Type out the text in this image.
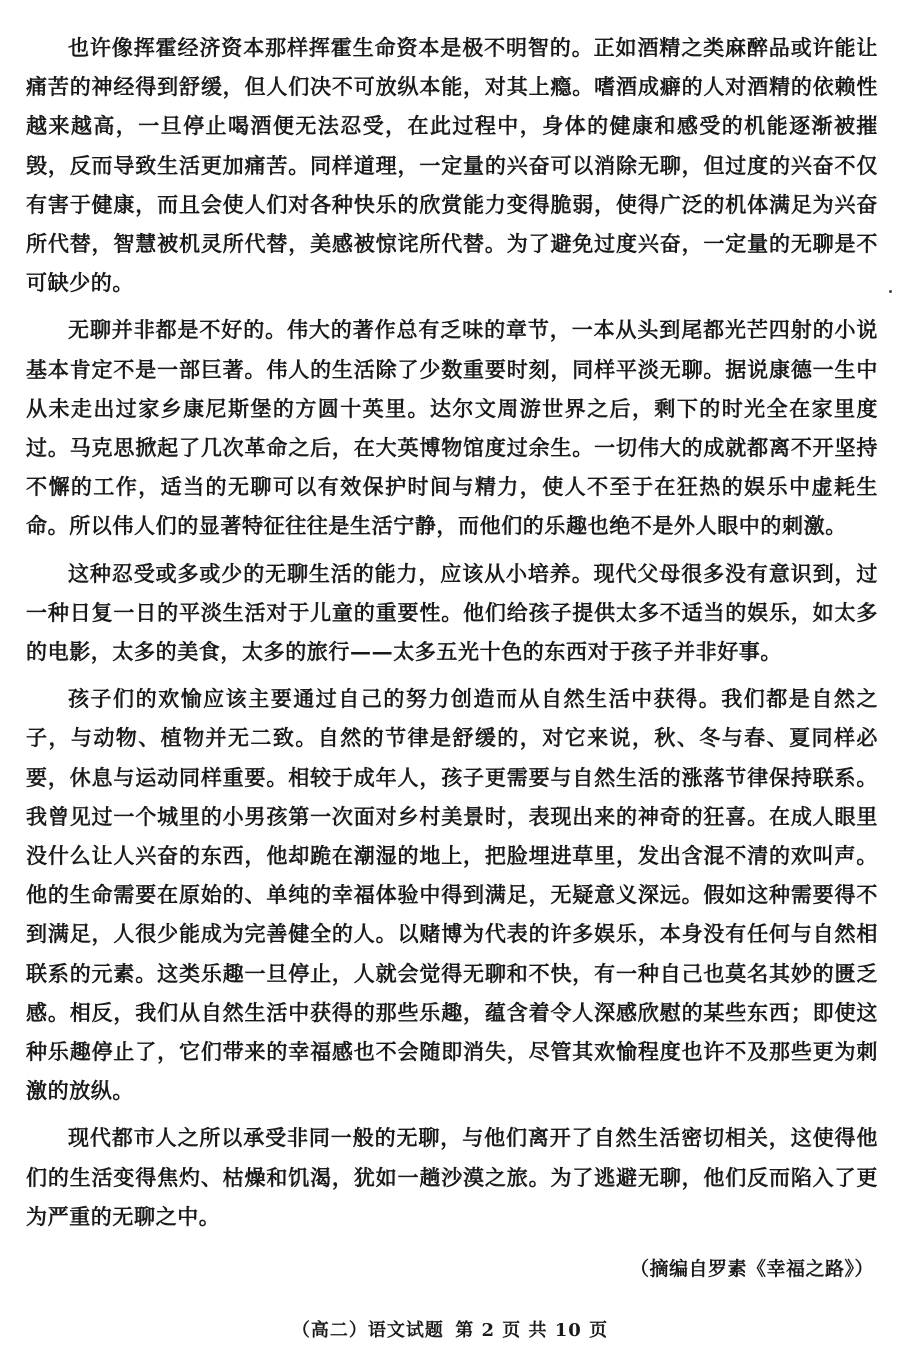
也许像挥霍经济资本那样挥霍生命资本是极不明智的。正如酒精之类麻醉品或许能让痛苦的神经得到舒缓，但人们决不可放纵本能，对其上瘾。嗜酒成癖的人对酒精的依赖性越来越高，一旦停止喝酒便无法忍受，在此过程中，身体的健康和感受的机能逐渐被摧毁，反而导致生活更加痛苦。同样道理，一定量的兴奋可以消除无聊，但过度的兴奋不仅有害于健康，而且会使人们对各种快乐的欣赏能力变得脆弱，使得广泛的机体满足为兴奋所代替，智慧被机灵所代替，美感被惊诧所代替。为了避免过度兴奋，一定量的无聊是不可缺少的。

无聊并非都是不好的。伟大的著作总有乏味的章节，一本从头到尾都光芒四射的小说基本肯定不是一部巨著。伟人的生活除了少数重要时刻，同样平淡无聊。据说康德一生中从未走出过家乡康尼斯堡的方圆十英里。达尔文周游世界之后，剩下的时光全在家里度过。马克思掀起了几次革命之后，在大英博物馆度过余生。一切伟大的成就都离不开坚持不懈的工作，适当的无聊可以有效保护时间与精力，使人不至于在狂热的娱乐中虚耗生命。所以伟人们的显著特征往往是生活宁静，而他们的乐趣也绝不是外人眼中的刺激。

这种忍受或多或少的无聊生活的能力，应该从小培养。现代父母很多没有意识到，过一种日复一日的平淡生活对于儿童的重要性。他们给孩子提供太多不适当的娱乐，如太多的电影，太多的美食，太多的旅行——太多五光十色的东西对于孩子并非好事。

孩子们的欢愉应该主要通过自己的努力创造而从自然生活中获得。我们都是自然之子，与动物、植物并无二致。自然的节律是舒缓的，对它来说，秋、冬与春、夏同样必要，休息与运动同样重要。相较于成年人，孩子更需要与自然生活的涨落节律保持联系。我曾见过一个城里的小男孩第一次面对乡村美景时，表现出来的神奇的狂喜。在成人眼里没什么让人兴奋的东西，他却跪在潮湿的地上，把脸埋进草里，发出含混不清的欢叫声。他的生命需要在原始的、单纯的幸福体验中得到满足，无疑意义深远。假如这种需要得不到满足，人很少能成为完善健全的人。以赌博为代表的许多娱乐，本身没有任何与自然相联系的元素。这类乐趣一旦停止，人就会觉得无聊和不快，有一种自己也莫名其妙的匮乏感。相反，我们从自然生活中获得的那些乐趣，蕴含着令人深感欣慰的某些东西；即使这种乐趣停止了，它们带来的幸福感也不会随即消失，尽管其欢愉程度也许不及那些更为刺激的放纵。

现代都市人之所以承受非同一般的无聊，与他们离开了自然生活密切相关，这使得他们的生活变得焦灼、枯燥和饥渴，犹如一趟沙漠之旅。为了逃避无聊，他们反而陷入了更为严重的无聊之中。

（摘编自罗素《幸福之路》）
（高二）语文试题 第 2 页 共 10 页
